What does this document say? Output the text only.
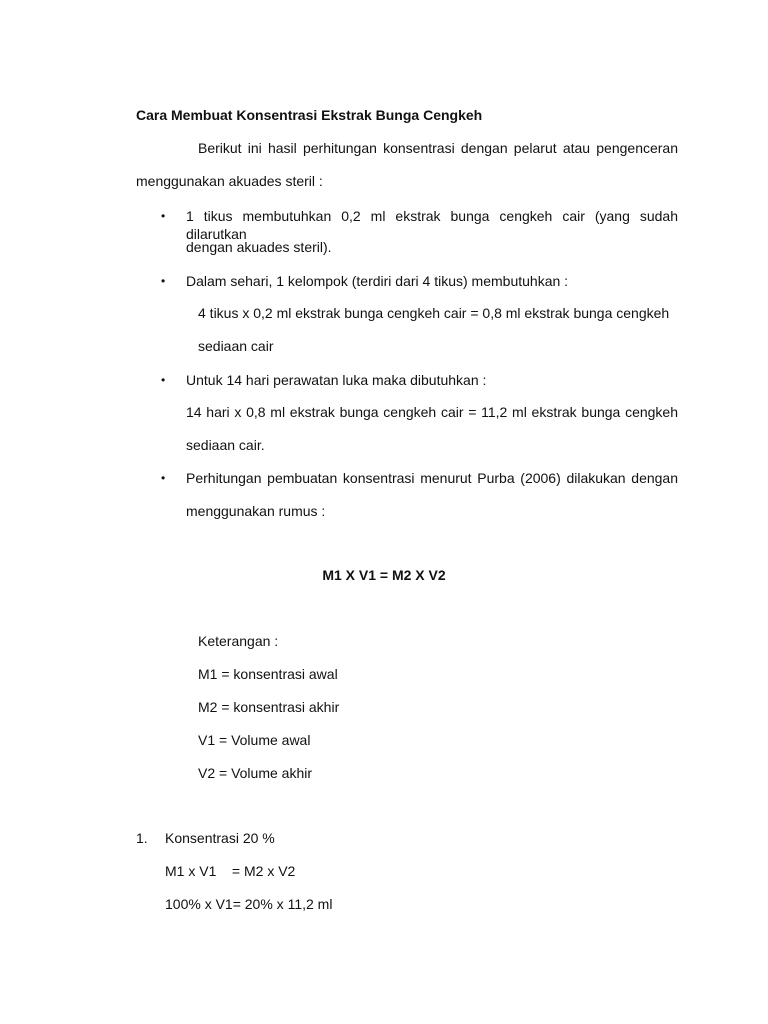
Cara Membuat Konsentrasi Ekstrak Bunga Cengkeh
Berikut ini hasil perhitungan konsentrasi dengan pelarut atau pengenceran
menggunakan akuades steril :
• 1 tikus membutuhkan 0,2 ml ekstrak bunga cengkeh cair (yang sudah dilarutkan
dengan akuades steril).
• Dalam sehari, 1 kelompok (terdiri dari 4 tikus) membutuhkan :
4 tikus x 0,2 ml ekstrak bunga cengkeh cair = 0,8 ml ekstrak bunga cengkeh
sediaan cair
• Untuk 14 hari perawatan luka maka dibutuhkan :
14 hari x 0,8 ml ekstrak bunga cengkeh cair = 11,2 ml ekstrak bunga cengkeh
sediaan cair.
• Perhitungan pembuatan konsentrasi menurut Purba (2006) dilakukan dengan
menggunakan rumus :
M1 X V1 = M2 X V2
Keterangan :
M1 = konsentrasi awal
M2 = konsentrasi akhir
V1 = Volume awal
V2 = Volume akhir
1. Konsentrasi 20 %
M1 x V1    = M2 x V2
100% x V1= 20% x 11,2 ml
